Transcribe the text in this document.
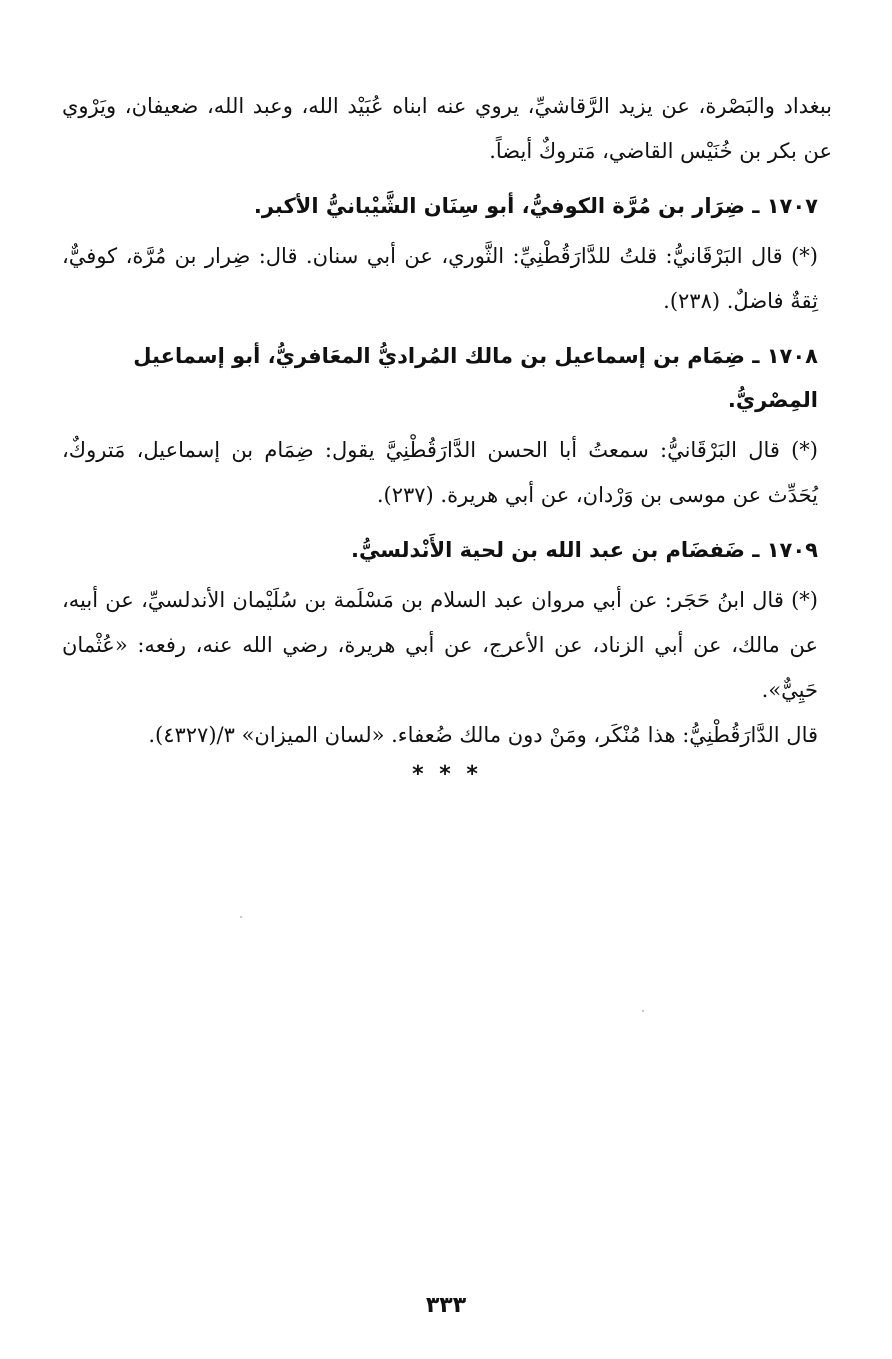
ببغداد والبَصْرة، عن يزيد الرَّقاشيِّ، يروي عنه ابناه عُبَيْد الله، وعبد الله، ضعيفان، ويَرْوي عن بكر بن خُنَيْس القاضي، مَتروكٌ أيضاً.

١٧٠٧ ـ ضِرَار بن مُرَّة الكوفيُّ، أبو سِنَان الشَّيْبانيُّ الأكبر.

(*) قال البَرْقَانيُّ: قلتُ للدَّارَقُطْنِيِّ: الثَّوري، عن أبي سنان. قال: ضِرار بن مُرَّة، كوفيٌّ، ثِقةٌ فاضلٌ. (٢٣٨).

١٧٠٨ ـ ضِمَام بن إسماعيل بن مالك المُراديُّ المعَافريُّ، أبو إسماعيل المِصْريُّ.

(*) قال البَرْقَانيُّ: سمعتُ أبا الحسن الدَّارَقُطْنِيَّ يقول: ضِمَام بن إسماعيل، مَتروكٌ، يُحَدِّث عن موسى بن وَرْدان، عن أبي هريرة. (٢٣٧).

١٧٠٩ ـ ضَفضَام بن عبد الله بن لحية الأَنْدلسيُّ.

(*) قال ابنُ حَجَر: عن أبي مروان عبد السلام بن مَسْلَمة بن سُلَيْمان الأندلسيِّ، عن أبيه، عن مالك، عن أبي الزناد، عن الأعرج، عن أبي هريرة، رضي الله عنه، رفعه: «عُثْمان حَيِيٌّ».

قال الدَّارَقُطْنِيُّ: هذا مُنْكَر، ومَنْ دون مالك ضُعفاء. «لسان الميزان» ٣/(٤٣٢٧).

* * *
٣٣٣
